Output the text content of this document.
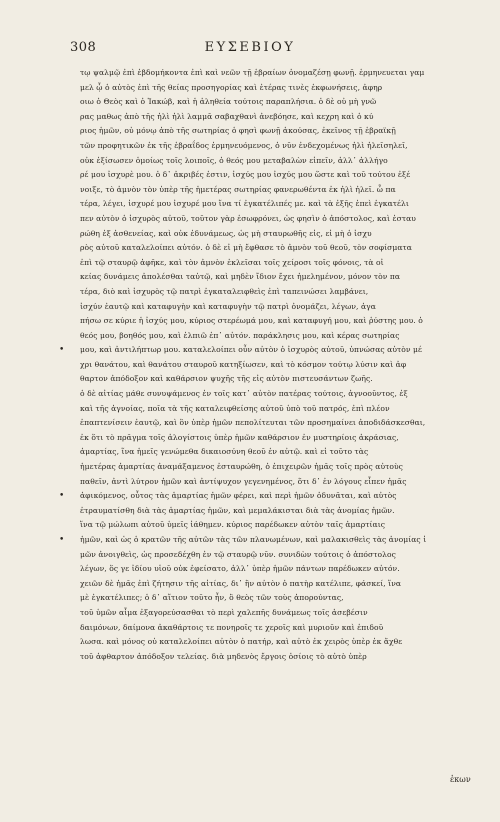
308	ΕΥΣΕΒΙΟΥ
τῳ ψαλμῷ ἐπὶ ἑβδομήκοντα ἐπὶ καὶ νεῶν τῇ ἑβραίων ὀνομαζέσῃ φωνῇ. ἑρμηνευεται γαμ
μελ ᾧ ὁ αὐτὸς ἐπὶ τῆς θείας προσηγορίας καὶ ἑτέρας τινὲς ἐκφωνήσεις, ἀφηρ
οιω ὁ Θεὸς καὶ ὁ Ἰακώβ, καὶ ἡ ἀληθεία τούτοις παραπλήσια. ὁ δὲ οὐ μὴ γνῶ
ρας μαθως ἀπὸ τῆς ἠλὶ ἠλὶ λαμμᾶ σαβαχθανὶ ἀνεβόησε, καὶ κεχρη καὶ ὁ κύ
ριος ἡμῶν, οὐ μόνῳ ἀπὸ τῆς σωτηρίας ὁ φησὶ φωνῇ ἀκούσας, ἐκεῖνος τῇ ἑβραϊκῇ
τῶν προφητικῶν ἐκ τῆς ἑβραΐδος ἑρμηνευόμενος, ὁ νῦν ἐνδεχομένως ἠλὶ ἠλεῖσηλεῖ,
οὐκ ἐξίσωσεν ὁμοίως τοῖς λοιποῖς, ὁ θεός μου μεταβαλὼν εἰπεῖν, ἀλλ᾽ ἀλλήγο
ρέ μου ἰσχυρὲ μου. ὁ δ᾽ ἀκριβές ἐστιν, ἰσχύς μου ἰσχύς μου ὥστε καὶ τοῦ τούτου ἐξέ
νοιξε, τὸ ἀμνὸν τὸν ὑπὲρ τῆς ἡμετέρας σωτηρίας φανερωθέντα ἐκ ἠλὶ ἠλεῖ. ὦ πα
τέρα, λέγει, ἰσχυρέ μου ἰσχυρέ μου ἵνα τί ἐγκατέλιπές με. καὶ τὰ ἑξῆς ἐπεὶ ἐγκατέλι
πεν αὐτὸν ὁ ἰσχυρὸς αὐτοῦ, τοῦτον γὰρ ἐσωφρόνει, ὡς φησὶν ὁ ἀπόστολος, καὶ ἐσταυ
ρώθη ἐξ ἀσθενείας, καὶ οὐκ ἐδυνάμεως, ὡς μὴ σταυρωθῆς εἰς, εἰ μὴ ὁ ἰσχυ
ρὸς αὐτοῦ καταλελοίπει αὐτόν. ὁ δὲ εἰ μὴ ἔφθασε τὸ ἀμνὸν τοῦ θεοῦ, τὸν σοφίσματα
ἐπὶ τῷ σταυρῷ ἀφῆκε, καὶ τὸν ἀμνὸν ἐκλεῖσαι τοῖς χείροσι τοῖς φόνοις, τὰ οἰ
κείας δυνάμεις ἀπολέσθαι ταὐτῷ, καὶ μηδὲν ἴδιον ἔχει ἠμελημένον, μόνον τὸν πα
τέρα, διὸ καὶ ἰσχυρὸς τῷ πατρὶ ἐγκαταλειφθεὶς ἐπὶ ταπεινώσει λαμβάνει,
ἰσχύν ἑαυτῷ καὶ καταφυγὴν καὶ καταφυγὴν τῷ πατρὶ ὀνομάζει, λέγων, ἀγα
πήσω σε κύριε ἡ ἰσχύς μου, κύριος στερέωμά μου, καὶ καταφυγή μου, καὶ ῥύστης μου. ὁ
θεός μου, βοηθός μου, καὶ ἐλπιῶ ἐπ᾽ αὐτόν. παράκλησις μου, καὶ κέρας σωτηρίας
• μου, καὶ ἀντιλήπτωρ μου. καταλελοίπει οὖν αὐτὸν ὁ ἰσχυρὸς αὐτοῦ, ὑπνώσας αὐτὸν μέ
χρι θανάτου, καὶ θανάτου σταυροῦ κατηξίωσεν, καὶ τὸ κόσμον τούτῳ λύσιν καὶ ἀφ
θαρτον ἀπόδοξον καὶ καθάρσιον ψυχῆς τῆς εἰς αὐτὸν πιστευσάντων ζωῆς.
ὁ δὲ αἰτίας μάθε συνυψάμενος ἐν τοῖς κατ᾽ αὐτὸν πατέρας τούτοις, ἀγνοοῦντος, ἐξ
καὶ τῆς ἀγνοίας, ποῖα τὰ τῆς καταλειφθείσης αὐτοῦ ὑπὸ τοῦ πατρός, ἐπὶ πλέον
ἐπαπτενίσειν ἑαυτῷ, καὶ ὃν ὑπὲρ ἡμῶν πεπολίτευται τῶν προσημαίνει ἀποδιδάσκεσθαι,
ἐκ ὅτι τὸ πρᾶγμα τοῖς ἀλογίστοις ὑπὲρ ἡμῶν καθάρσιον ἐν μυστηρίοις ἀκράσιας,
ἀμαρτίας, ἵνα ἡμεῖς γενώμεθα δικαιοσύνη θεοῦ ἐν αὐτῷ. καὶ εἰ τοῦτο τὰς
ἡμετέρας ἁμαρτίας ἀναμάξαμενος ἐσταυρώθη, ὁ ἐπιχειρῶν ἡμᾶς τοῖς πρὸς αὐτοὺς
παθεῖν, ἀντὶ λύτρον ἡμῶν καὶ ἀντίψυχον γεγενημένος, ὅτι δ᾽ ἐν λόγους εἶπεν ἡμᾶς
• ἀφικόμενος, οὗτος τὰς ἁμαρτίας ἡμῶν φέρει, καὶ περὶ ἡμῶν ὀδυνᾶται, καὶ αὐτὸς
ἐτραυματίσθη διὰ τὰς ἁμαρτίας ἡμῶν, καὶ μεμαλάκισται διὰ τὰς ἀνομίας ἡμῶν.
ἵνα τῷ μώλωπι αὐτοῦ ὑμεῖς ἰάθημεν. κύριος παρέδωκεν αὐτὸν ταῖς ἁμαρτίαις
• ἡμῶν, καὶ ὡς ὁ κρατῶν τῆς αὐτῶν τὰς τῶν πλανωμένων, καὶ μαλακισθεὶς τὰς ἀνομίας ἰ
μῶν ἀνοιγθεὶς, ὡς προσεδέχθη ἐν τῷ σταυρῷ νῦν. συνιδὼν τούτοις ὁ ἀπόστολος
λέγων, ὅς γε ἰδίου υἱοῦ οὐκ ἐφείσατο, ἀλλ᾽ ὑπὲρ ἡμῶν πάντων παρέδωκεν αὐτόν.
χειῶν δὲ ἡμᾶς ἐπὶ ζήτησιν τῆς αἰτίας, δι᾽ ἣν αὐτὸν ὁ πατὴρ κατέλιπε, φάσκεί, ἵνα
μὲ ἐγκατέλιπες; ὁ δ᾽ αἴτιον τοῦτο ἦν, ὃ θεὸς τῶν τοὺς ἀπορούντας,
τοῦ ὑμῶν αἷμα ἐξαγορεύσασθαι τὸ περὶ χαλεπῆς δυνάμεως τοῖς ἀσεβέσιν
δαιμόνων, δαίμονα ἀκαθάρτοις τε πονηροῖς τε χεροῖς καὶ μυριοῦν καὶ ἐπιδοῦ
λωσα. καὶ μόνος οὐ καταλελοίπει αὐτὸν ὁ πατήρ, καὶ αὐτὸ ἐκ χειρὸς ὑπὲρ ἐκ ἄχθε
τοῦ ἀφθαρτον ἀπόδοξον τελείας. διὰ μηδενὸς ἔργοις ὁσίοις τὸ αὐτὸ ὑπὲρ
ἐκων
